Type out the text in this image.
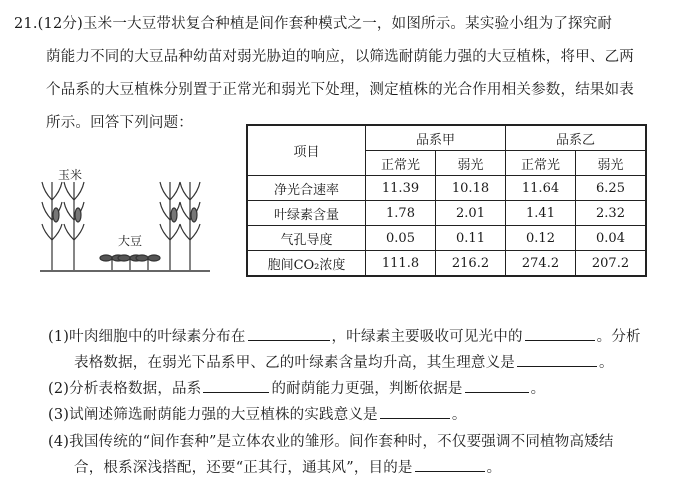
21.(12分)玉米一大豆带状复合种植是间作套种模式之一，如图所示。某实验小组为了探究耐
荫能力不同的大豆品种幼苗对弱光胁迫的响应，以筛选耐荫能力强的大豆植株，将甲、乙两
个品系的大豆植株分别置于正常光和弱光下处理，测定植株的光合作用相关参数，结果如表
所示。回答下列问题：
玉米
大豆
项目	品系甲		品系乙	
	正常光	弱光	正常光	弱光
净光合速率	11.39	10.18	11.64	6.25
叶绿素含量	1.78	2.01	1.41	2.32
气孔导度	0.05	0.11	0.12	0.04
胞间CO₂浓度	111.8	216.2	274.2	207.2
(1)叶肉细胞中的叶绿素分布在	，叶绿素主要吸收可见光中的	。分析
表格数据，在弱光下品系甲、乙的叶绿素含量均升高，其生理意义是	。
(2)分析表格数据，品系	的耐荫能力更强，判断依据是	。
(3)试阐述筛选耐荫能力强的大豆植株的实践意义是	。
(4)我国传统的“间作套种”是立体农业的雏形。间作套种时，不仅要强调不同植物高矮结
合，根系深浅搭配，还要“正其行，通其风”，目的是	。
